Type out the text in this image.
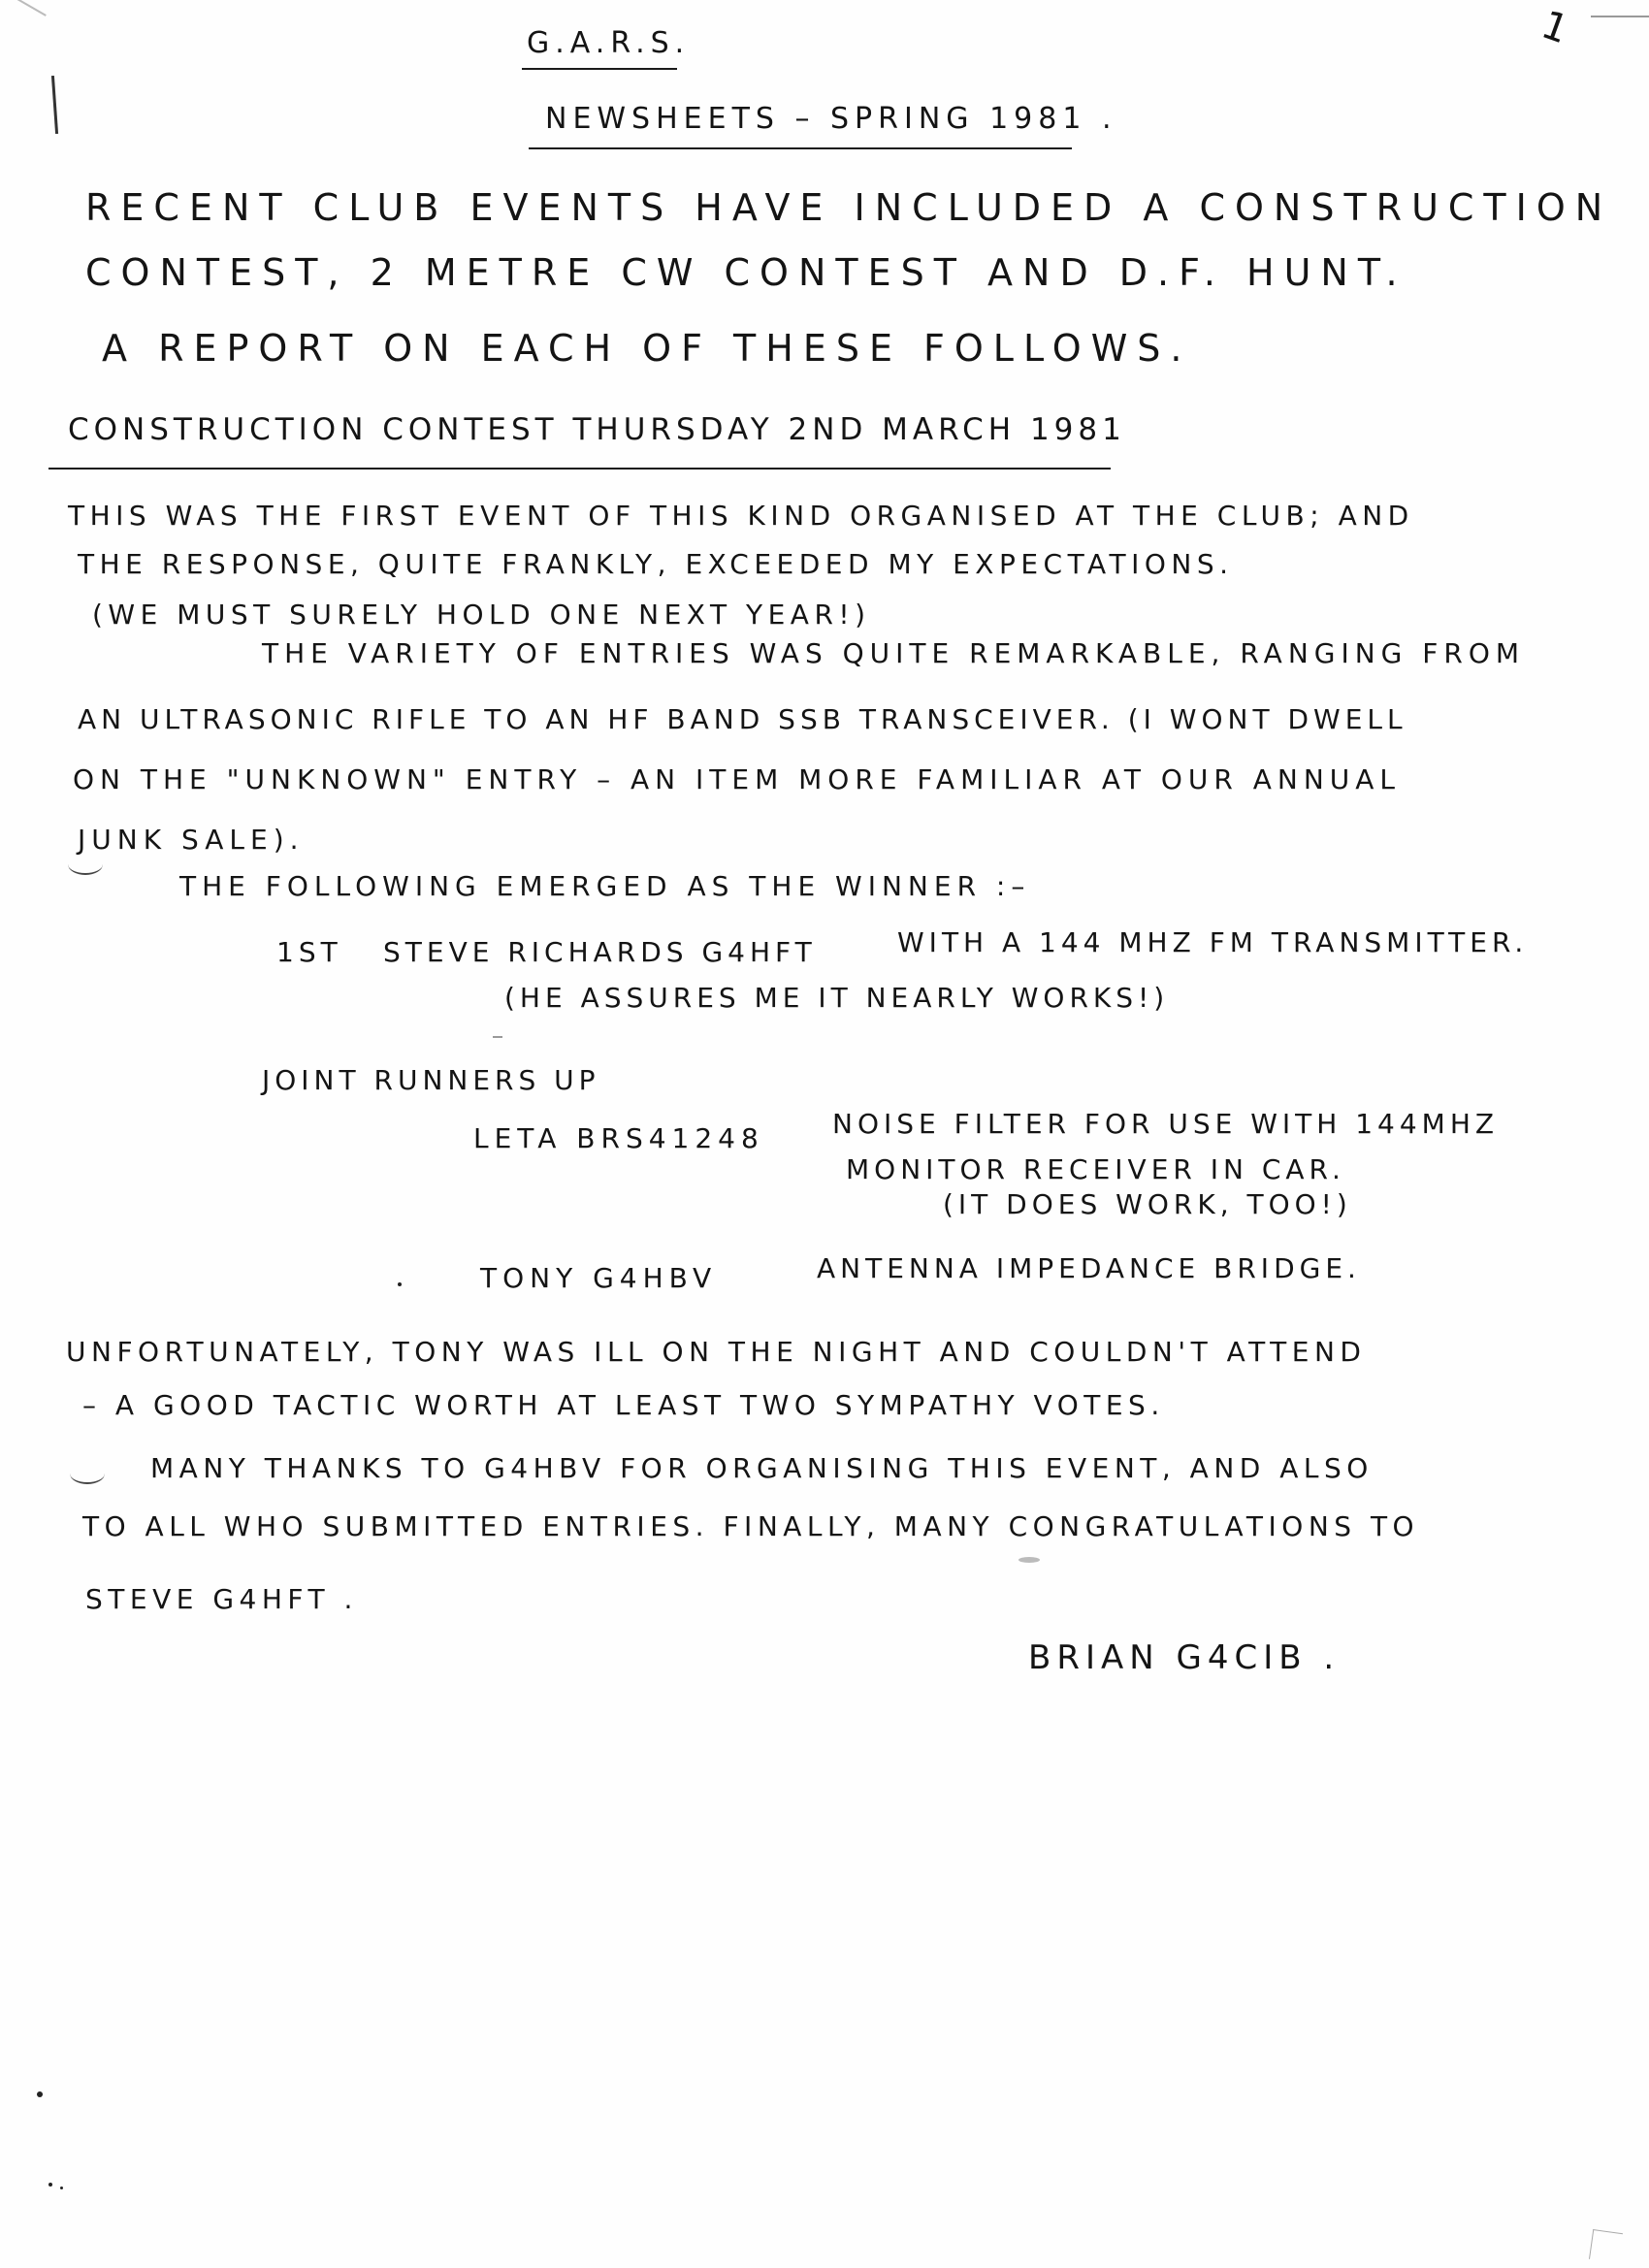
1
G.A.R.S.
NEWSHEETS – SPRING 1981 .
RECENT CLUB EVENTS HAVE INCLUDED A CONSTRUCTION
CONTEST, 2 METRE CW CONTEST AND D.F. HUNT.
A REPORT ON EACH OF THESE FOLLOWS.
CONSTRUCTION CONTEST THURSDAY 2ND MARCH 1981
THIS WAS THE FIRST EVENT OF THIS KIND ORGANISED AT THE CLUB; AND
THE RESPONSE, QUITE FRANKLY, EXCEEDED MY EXPECTATIONS.
(WE MUST SURELY HOLD ONE NEXT YEAR!)
THE VARIETY OF ENTRIES WAS QUITE REMARKABLE, RANGING FROM
AN ULTRASONIC RIFLE TO AN HF BAND SSB TRANSCEIVER. (I WONT DWELL
ON THE "UNKNOWN" ENTRY – AN ITEM MORE FAMILIAR AT OUR ANNUAL
JUNK SALE).
THE FOLLOWING EMERGED AS THE WINNER :–
1ST STEVE RICHARDS G4HFT	WITH A 144 MHZ FM TRANSMITTER.
(HE ASSURES ME IT NEARLY WORKS!)
JOINT RUNNERS UP
LETA BRS41248	NOISE FILTER FOR USE WITH 144MHZ
MONITOR RECEIVER IN CAR.
(IT DOES WORK, TOO!)
TONY G4HBV	ANTENNA IMPEDANCE BRIDGE.
UNFORTUNATELY, TONY WAS ILL ON THE NIGHT AND COULDN'T ATTEND
– A GOOD TACTIC WORTH AT LEAST TWO SYMPATHY VOTES.
MANY THANKS TO G4HBV FOR ORGANISING THIS EVENT, AND ALSO
TO ALL WHO SUBMITTED ENTRIES. FINALLY, MANY CONGRATULATIONS TO
STEVE G4HFT .
BRIAN G4CIB .
